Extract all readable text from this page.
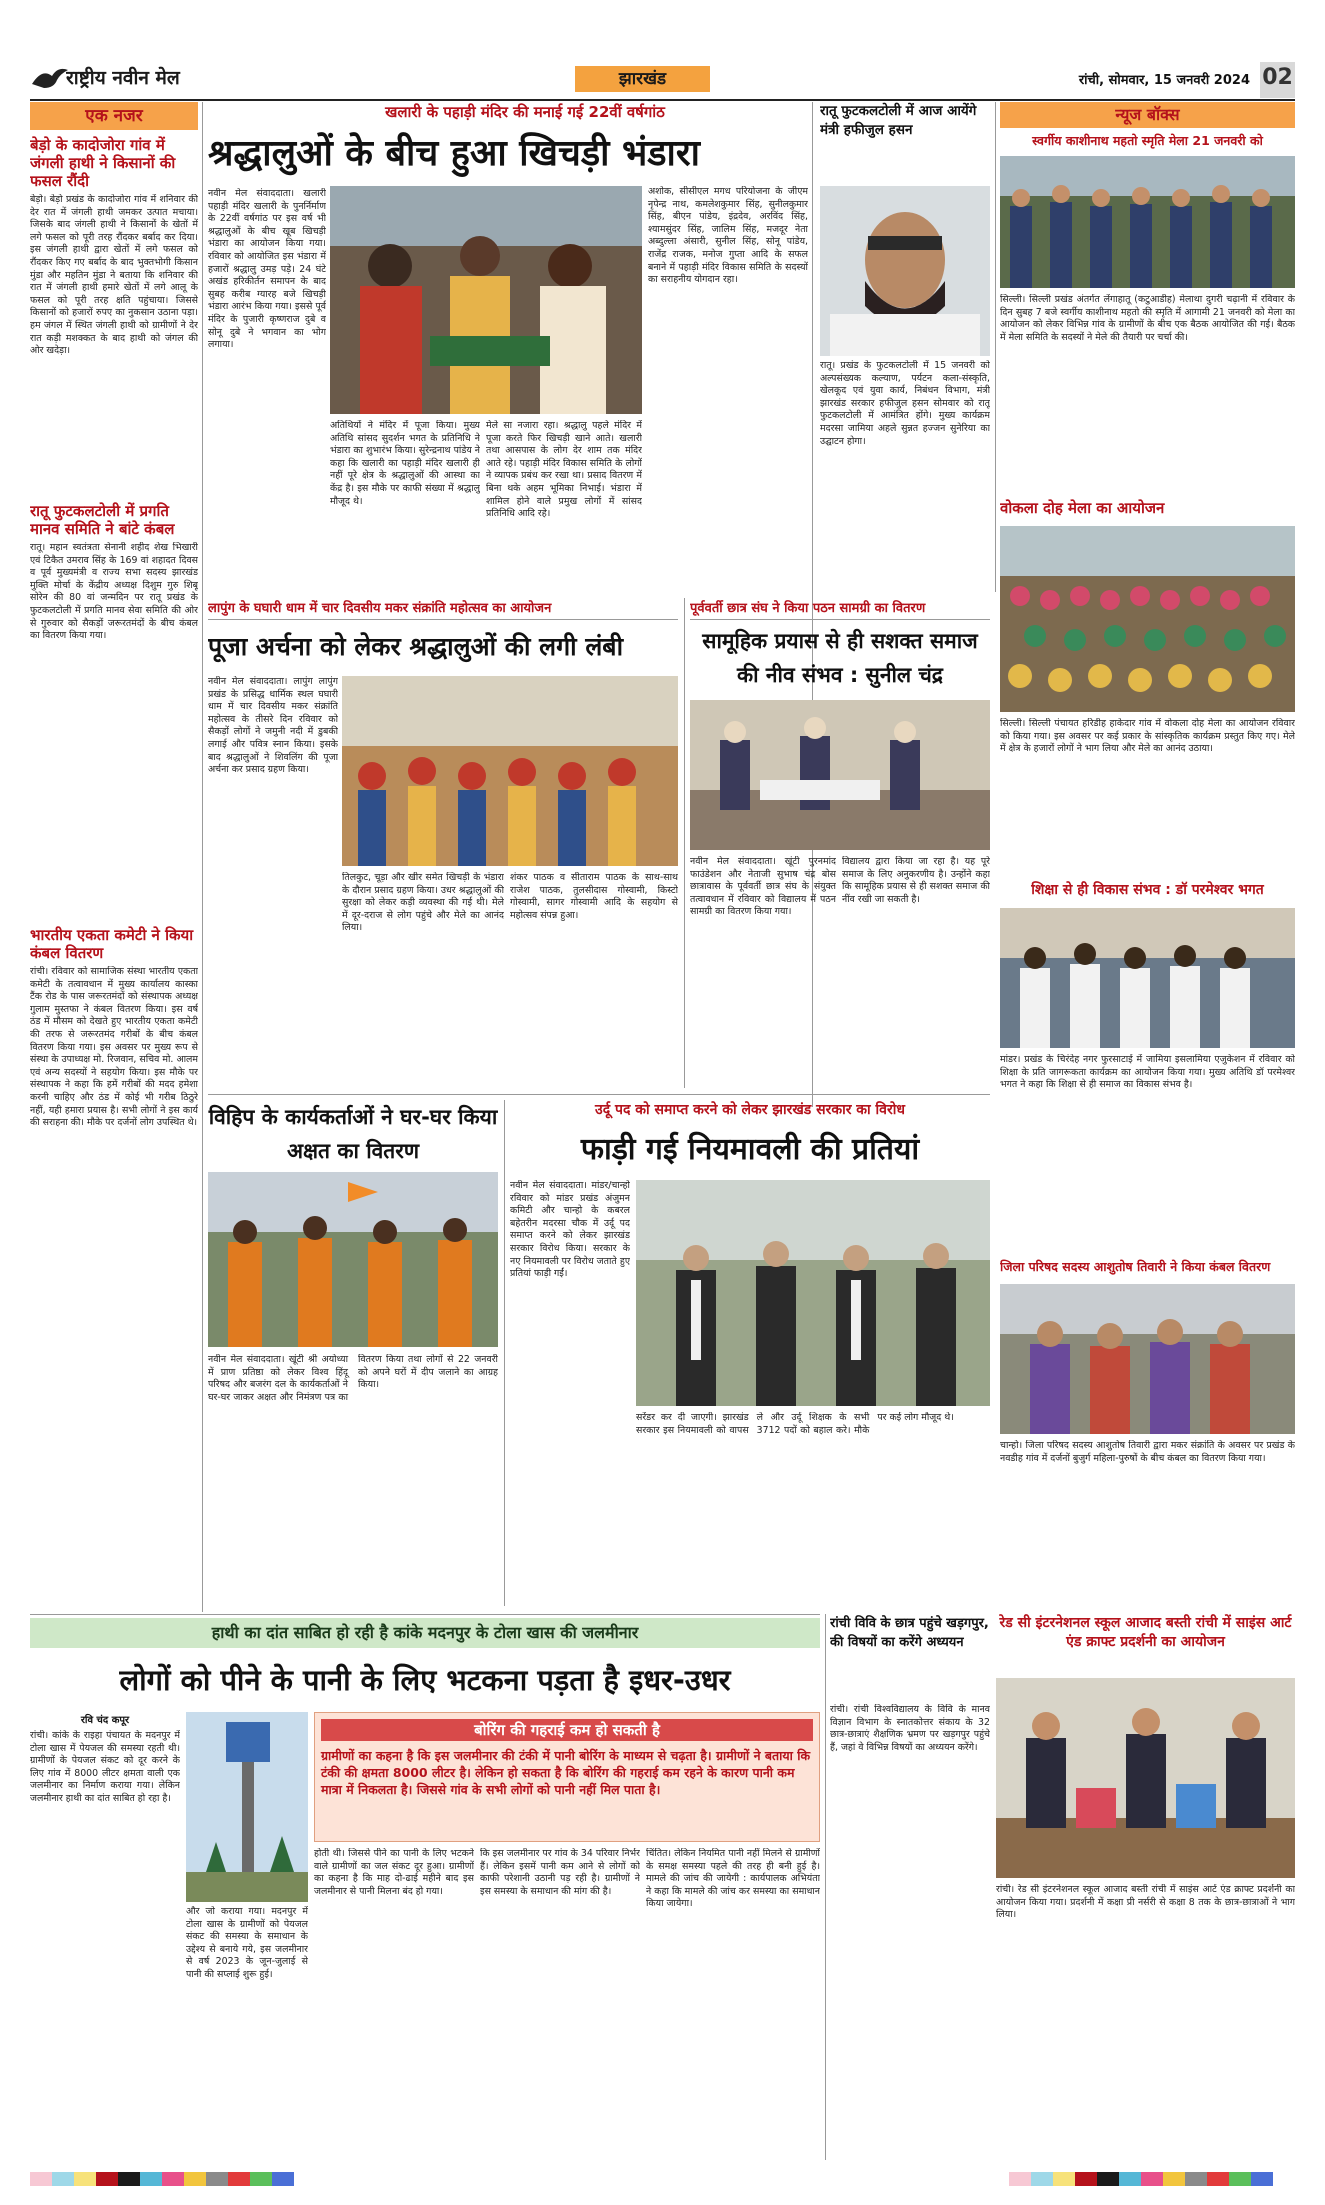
राष्ट्रीय नवीन मेल	झारखंड	रांची, सोमवार, 15 जनवरी 2024 02
एक नजर
बेड़ो के कादोजोरा गांव में जंगली हाथी ने किसानों की फसल रौंदी
बेड़ो। बेड़ो प्रखंड के कादोजोरा गांव में शनिवार की देर रात में जंगली हाथी जमकर उत्पात मचाया। जिसके बाद जंगली हाथी ने किसानों के खेतों में लगे फसल को पूरी तरह रौंदकर बर्बाद कर दिया। इस जंगली हाथी द्वारा खेतों में लगे फसल को रौंदकर किए गए बर्बाद के बाद भुक्तभोगी किसान मुंडा और महतिन मुंडा ने बताया कि शनिवार की रात में जंगली हाथी हमारे खेतों में लगे आलू के फसल को पूरी तरह क्षति पहुंचाया। जिससे किसानों को हजारों रुपए का नुकसान उठाना पड़ा। हम जंगल में स्थित जंगली हाथी को ग्रामीणों ने देर रात कड़ी मशक्कत के बाद हाथी को जंगल की ओर खदेड़ा।
रातू फुटकलटोली में प्रगति मानव समिति ने बांटे कंबल
रातू। महान स्वतंत्रता सेनानी शहीद शेख भिखारी एवं टिकैत उमराव सिंह के 169 वां शहादत दिवस व पूर्व मुख्यमंत्री व राज्य सभा सदस्य झारखंड मुक्ति मोर्चा के केंद्रीय अध्यक्ष दिशुम गुरु शिबू सोरेन की 80 वां जन्मदिन पर रातू प्रखंड के फुटकलटोली में प्रगति मानव सेवा समिति की ओर से गुरुवार को सैकड़ों जरूरतमंदों के बीच कंबल का वितरण किया गया।
भारतीय एकता कमेटी ने किया कंबल वितरण
रांची। रविवार को सामाजिक संस्था भारतीय एकता कमेटी के तत्वावधान में मुख्य कार्यालय कास्का टैंक रोड के पास जरूरतमंदों को संस्थापक अध्यक्ष गुलाम मुस्तफा ने कंबल वितरण किया। इस वर्ष ठंड में मौसम को देखते हुए भारतीय एकता कमेटी की तरफ से जरूरतमंद गरीबों के बीच कंबल वितरण किया गया। इस अवसर पर मुख्य रूप से संस्था के उपाध्यक्ष मो. रिजवान, सचिव मो. आलम एवं अन्य सदस्यों ने सहयोग किया। इस मौके पर संस्थापक ने कहा कि हमें गरीबों की मदद हमेशा करनी चाहिए और ठंड में कोई भी गरीब ठिठुरे नहीं, यही हमारा प्रयास है। सभी लोगों ने इस कार्य की सराहना की। मौके पर दर्जनों लोग उपस्थित थे।
खलारी के पहाड़ी मंदिर की मनाई गई 22वीं वर्षगांठ
श्रद्धालुओं के बीच हुआ खिचड़ी भंडारा
नवीन मेल संवाददाता। खलारी पहाड़ी मंदिर खलारी के पुनर्निर्माण के 22वीं वर्षगांठ पर इस वर्ष भी श्रद्धालुओं के बीच खूब खिचड़ी भंडारा का आयोजन किया गया। रविवार को आयोजित इस भंडारा में हजारों श्रद्धालु उमड़ पड़े। 24 घंटे अखंड हरिकीर्तन समापन के बाद सुबह करीब ग्यारह बजे खिचड़ी भंडारा आरंभ किया गया। इससे पूर्व मंदिर के पुजारी कृष्णराज दुबे व सोनू दुबे ने भगवान का भोग लगाया।
अतिथियों ने मंदिर में पूजा किया। मुख्य अतिथि सांसद सुदर्शन भगत के प्रतिनिधि ने भंडारा का शुभारंभ किया। सुरेन्द्रनाथ पांडेय ने कहा कि खलारी का पहाड़ी मंदिर खलारी ही नहीं पूरे क्षेत्र के श्रद्धालुओं की आस्था का केंद्र है। इस मौके पर काफी संख्या में श्रद्धालु मौजूद थे।
मेले सा नजारा रहा। श्रद्धालु पहले मंदिर में पूजा करते फिर खिचड़ी खाने आते। खलारी तथा आसपास के लोग देर शाम तक मंदिर आते रहे। पहाड़ी मंदिर विकास समिति के लोगों ने व्यापक प्रबंध कर रखा था। प्रसाद वितरण में बिना थके अहम भूमिका निभाई। भंडारा में शामिल होने वाले प्रमुख लोगों में सांसद प्रतिनिधि आदि रहे।
अशोक, सीसीएल मगध परियोजना के जीएम नृपेन्द्र नाथ, कमलेशकुमार सिंह, सुनीलकुमार सिंह, बीएन पांडेय, इंद्रदेव, अरविंद सिंह, श्यामसुंदर सिंह, जालिम सिंह, मजदूर नेता अब्दुल्ला अंसारी, सुनील सिंह, सोनू पांडेय, राजेंद्र राजक, मनोज गुप्ता आदि के सफल बनाने में पहाड़ी मंदिर विकास समिति के सदस्यों का सराहनीय योगदान रहा।
लापुंग के घघारी धाम में चार दिवसीय मकर संक्रांति महोत्सव का आयोजन
पूजा अर्चना को लेकर श्रद्धालुओं की लगी लंबी
नवीन मेल संवाददाता। लापुंग लापुंग प्रखंड के प्रसिद्ध धार्मिक स्थल घघारी धाम में चार दिवसीय मकर संक्रांति महोत्सव के तीसरे दिन रविवार को सैकड़ों लोगों ने जमुनी नदी में डुबकी लगाई और पवित्र स्नान किया। इसके बाद श्रद्धालुओं ने शिवलिंग की पूजा अर्चना कर प्रसाद ग्रहण किया।
तिलकुट, चूड़ा और खीर समेत खिचड़ी के भंडारा के दौरान प्रसाद ग्रहण किया। उधर श्रद्धालुओं की सुरक्षा को लेकर कड़ी व्यवस्था की गई थी। मेले में दूर-दराज से लोग पहुंचे और मेले का आनंद लिया।
शंकर पाठक व सीताराम पाठक के साथ-साथ राजेश पाठक, तुलसीदास गोस्वामी, किस्टो गोस्वामी, सागर गोस्वामी आदि के सहयोग से महोत्सव संपन्न हुआ।
पूर्ववर्ती छात्र संघ ने किया पठन सामग्री का वितरण
सामूहिक प्रयास से ही सशक्त समाज की नीव संभव : सुनील चंद्र
नवीन मेल संवाददाता। खूंटी पुरनमांद फाउंडेशन और नेताजी सुभाष चंद्र बोस छात्रावास के पूर्ववर्ती छात्र संघ के संयुक्त तत्वावधान में रविवार को विद्यालय में पठन सामग्री का वितरण किया गया।
विद्यालय द्वारा किया जा रहा है। यह पूरे समाज के लिए अनुकरणीय है। उन्होंने कहा कि सामूहिक प्रयास से ही सशक्त समाज की नींव रखी जा सकती है।
विहिप के कार्यकर्ताओं ने घर-घर किया अक्षत का वितरण
नवीन मेल संवाददाता। खूंटी श्री अयोध्या में प्राण प्रतिष्ठा को लेकर विश्व हिंदू परिषद और बजरंग दल के कार्यकर्ताओं ने घर-घर जाकर अक्षत और निमंत्रण पत्र का वितरण किया तथा लोगों से 22 जनवरी को अपने घरों में दीप जलाने का आग्रह किया।
उर्दू पद को समाप्त करने को लेकर झारखंड सरकार का विरोध
फाड़ी गई नियमावली की प्रतियां
नवीन मेल संवाददाता। मांडर/चान्हो रविवार को मांडर प्रखंड अंजुमन कमिटी और चान्हो के कबरल बहेतरीन मदरसा चौक में उर्दू पद समाप्त करने को लेकर झारखंड सरकार विरोध किया। सरकार के नए नियमावली पर विरोध जताते हुए प्रतियां फाड़ी गईं।
सरेंडर कर दी जाएगी। झारखंड सरकार इस नियमावली को वापस ले और उर्दू शिक्षक के सभी 3712 पदों को बहाल करे। मौके पर कई लोग मौजूद थे।
रातू फुटकलटोली में आज आयेंगे मंत्री हफीजुल हसन
रातू। प्रखंड के फुटकलटोली में 15 जनवरी को अल्पसंख्यक कल्याण, पर्यटन कला-संस्कृति, खेलकूद एवं युवा कार्य, निबंधन विभाग, मंत्री झारखंड सरकार हफीजुल हसन सोमवार को रातू फुटकलटोली में आमंत्रित होंगे। मुख्य कार्यक्रम मदरसा जामिया अहले सुन्नत हज्जन सुनेरिया का उद्घाटन होगा।
न्यूज बॉक्स
स्वर्गीय काशीनाथ महतो स्मृति मेला 21 जनवरी को
सिल्ली। सिल्ली प्रखंड अंतर्गत लेंगाहातू (कटुआडीह) मेलाथा दुगरी चढ़ानी में रविवार के दिन सुबह 7 बजे स्वर्गीय काशीनाथ महतो की स्मृति में आगामी 21 जनवरी को मेला का आयोजन को लेकर विभिन्न गांव के ग्रामीणों के बीच एक बैठक आयोजित की गई। बैठक में मेला समिति के सदस्यों ने मेले की तैयारी पर चर्चा की।
वोकला दोह मेला का आयोजन
सिल्ली। सिल्ली पंचायत हरिडीह हाकेदार गांव में वोकला दोह मेला का आयोजन रविवार को किया गया। इस अवसर पर कई प्रकार के सांस्कृतिक कार्यक्रम प्रस्तुत किए गए। मेले में क्षेत्र के हजारों लोगों ने भाग लिया और मेले का आनंद उठाया।
शिक्षा से ही विकास संभव : डॉ परमेश्वर भगत
मांडर। प्रखंड के चिरंदेह नगर फुरसाटाई में जामिया इसलामिया एजुकेशन में रविवार को शिक्षा के प्रति जागरूकता कार्यक्रम का आयोजन किया गया। मुख्य अतिथि डॉ परमेश्वर भगत ने कहा कि शिक्षा से ही समाज का विकास संभव है।
जिला परिषद सदस्य आशुतोष तिवारी ने किया कंबल वितरण
चान्हो। जिला परिषद सदस्य आशुतोष तिवारी द्वारा मकर संक्रांति के अवसर पर प्रखंड के नवडीह गांव में दर्जनों बुजुर्ग महिला-पुरुषों के बीच कंबल का वितरण किया गया।
हाथी का दांत साबित हो रही है कांके मदनपुर के टोला खास की जलमीनार
लोगों को पीने के पानी के लिए भटकना पड़ता है इधर-उधर
रवि चंद कपूर
रांची। कांके के राइहा पंचायत के मदनपुर में टोला खास में पेयजल की समस्या रहती थी। ग्रामीणों के पेयजल संकट को दूर करने के लिए गांव में 8000 लीटर क्षमता वाली एक जलमीनार का निर्माण कराया गया। लेकिन जलमीनार हाथी का दांत साबित हो रहा है।
और जो कराया गया। मदनपुर में टोला खास के ग्रामीणों को पेयजल संकट की समस्या के समाधान के उद्देश्य से बनाये गये, इस जलमीनार से वर्ष 2023 के जून-जुलाई से पानी की सप्लाई शुरू हुई।
बोरिंग की गहराई कम हो सकती है
ग्रामीणों का कहना है कि इस जलमीनार की टंकी में पानी बोरिंग के माध्यम से चढ़ता है। ग्रामीणों ने बताया कि टंकी की क्षमता 8000 लीटर है। लेकिन हो सकता है कि बोरिंग की गहराई कम रहने के कारण पानी कम मात्रा में निकलता है। जिससे गांव के सभी लोगों को पानी नहीं मिल पाता है।
होती थी। जिससे पीने का पानी के लिए भटकने वाले ग्रामीणों का जल संकट दूर हुआ। ग्रामीणों का कहना है कि माह दो-ढाई महीने बाद इस जलमीनार से पानी मिलना बंद हो गया।
कि इस जलमीनार पर गांव के 34 परिवार निर्भर हैं। लेकिन इसमें पानी कम आने से लोगों को काफी परेशानी उठानी पड़ रही है। ग्रामीणों ने इस समस्या के समाधान की मांग की है।
चिंतित। लेकिन नियमित पानी नहीं मिलने से ग्रामीणों के समक्ष समस्या पहले की तरह ही बनी हुई है। मामले की जांच की जायेगी : कार्यपालक अभियंता ने कहा कि मामले की जांच कर समस्या का समाधान किया जायेगा।
रांची विवि के छात्र पहुंचे खड़गपुर, की विषयों का करेंगे अध्ययन
रांची। रांची विश्वविद्यालय के विवि के मानव विज्ञान विभाग के स्नातकोत्तर संकाय के 32 छात्र-छात्राएं शैक्षणिक भ्रमण पर खड़गपुर पहुंचे हैं, जहां वे विभिन्न विषयों का अध्ययन करेंगे।
रेड सी इंटरनेशनल स्कूल आजाद बस्ती रांची में साइंस आर्ट एंड क्राफ्ट प्रदर्शनी का आयोजन
रांची। रेड सी इंटरनेशनल स्कूल आजाद बस्ती रांची में साइंस आर्ट एंड क्राफ्ट प्रदर्शनी का आयोजन किया गया। प्रदर्शनी में कक्षा प्री नर्सरी से कक्षा 8 तक के छात्र-छात्राओं ने भाग लिया।
